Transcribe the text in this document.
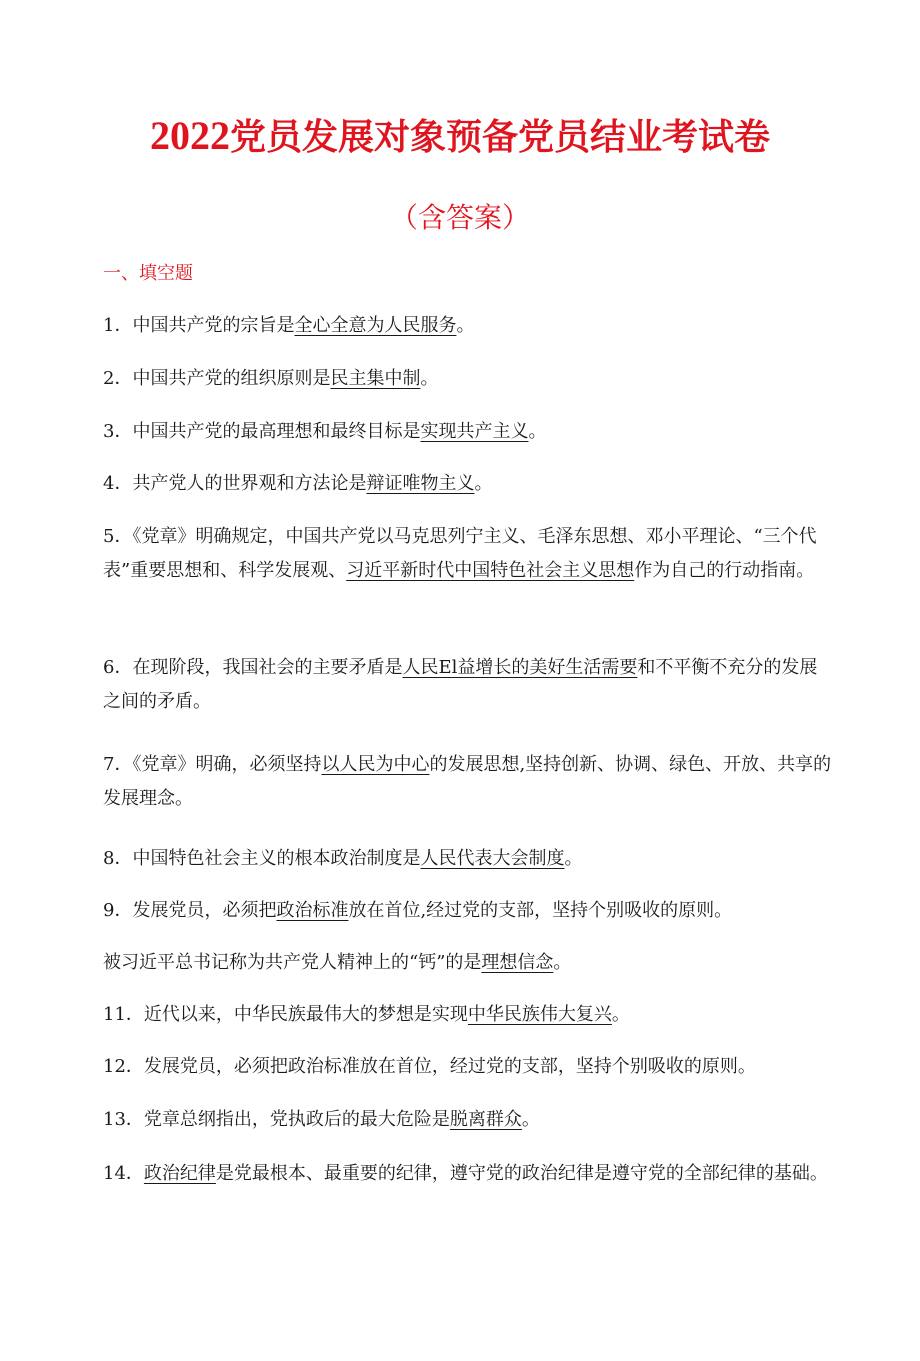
2022党员发展对象预备党员结业考试卷
（含答案）
一、填空题
1．中国共产党的宗旨是全心全意为人民服务。
2．中国共产党的组织原则是民主集中制。
3．中国共产党的最高理想和最终目标是实现共产主义。
4．共产党人的世界观和方法论是辩证唯物主义。
5．《党章》明确规定，中国共产党以马克思列宁主义、毛泽东思想、邓小平理论、“三个代表”重要思想和、科学发展观、习近平新时代中国特色社会主义思想作为自己的行动指南。
6．在现阶段，我国社会的主要矛盾是人民El益增长的美好生活需要和不平衡不充分的发展之间的矛盾。
7．《党章》明确，必须坚持以人民为中心的发展思想,坚持创新、协调、绿色、开放、共享的发展理念。
8．中国特色社会主义的根本政治制度是人民代表大会制度。
9．发展党员，必须把政治标准放在首位,经过党的支部，坚持个别吸收的原则。
被习近平总书记称为共产党人精神上的“钙”的是理想信念。
11．近代以来，中华民族最伟大的梦想是实现中华民族伟大复兴。
12．发展党员，必须把政治标准放在首位，经过党的支部，坚持个别吸收的原则。
13．党章总纲指出，党执政后的最大危险是脱离群众。
14．政治纪律是党最根本、最重要的纪律，遵守党的政治纪律是遵守党的全部纪律的基础。
